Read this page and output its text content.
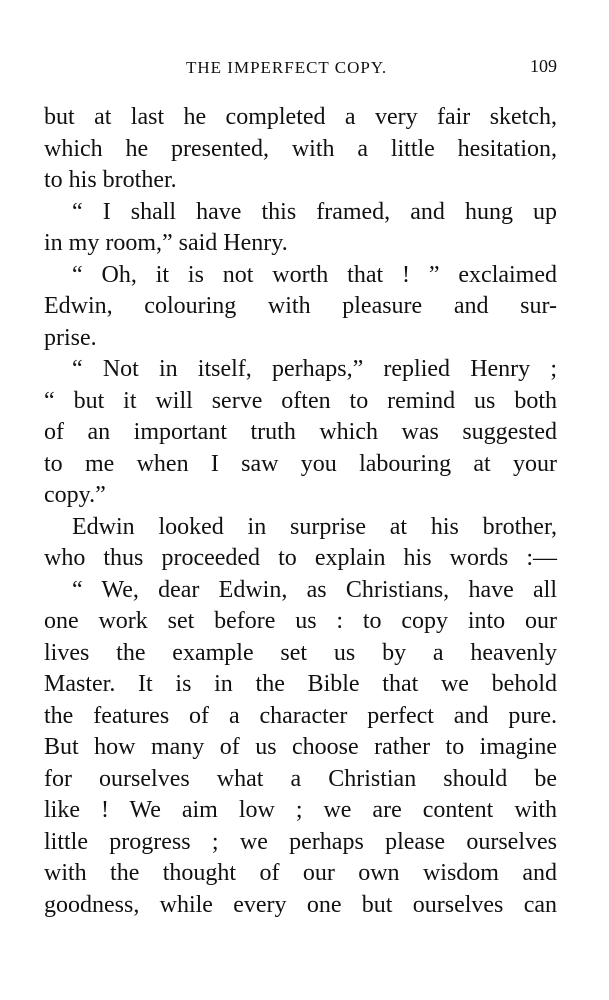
THE IMPERFECT COPY.	109
but at last he completed a very fair sketch,
which he presented, with a little hesitation,
to his brother.
“ I shall have this framed, and hung up
in my room,” said Henry.
“ Oh, it is not worth that ! ” exclaimed
Edwin, colouring with pleasure and sur-
prise.
“ Not in itself, perhaps,” replied Henry ;
“ but it will serve often to remind us both
of an important truth which was suggested
to me when I saw you labouring at your
copy.”
Edwin looked in surprise at his brother,
who thus proceeded to explain his words :—
“ We, dear Edwin, as Christians, have all
one work set before us : to copy into our
lives the example set us by a heavenly
Master. It is in the Bible that we behold
the features of a character perfect and pure.
But how many of us choose rather to imagine
for ourselves what a Christian should be
like ! We aim low ; we are content with
little progress ; we perhaps please ourselves
with the thought of our own wisdom and
goodness, while every one but ourselves can
